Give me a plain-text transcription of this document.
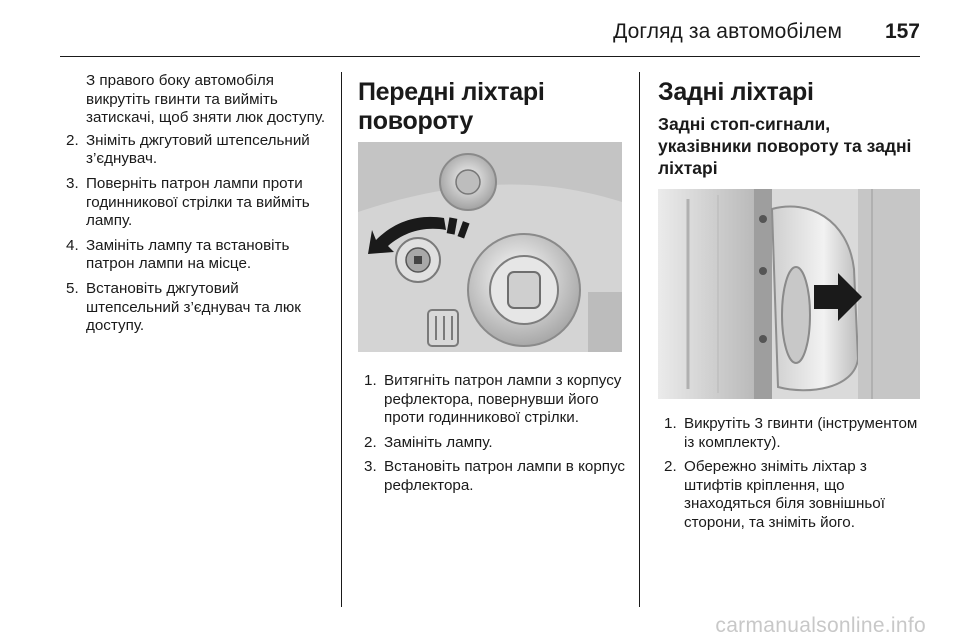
Догляд за автомобілем 157

З правого боку автомобіля викрутіть гвинти та вийміть затискачі, щоб зняти люк доступу.

2. Зніміть джгутовий штепсельний з’єднувач.
3. Поверніть патрон лампи проти годинникової стрілки та вийміть лампу.
4. Замініть лампу та встановіть патрон лампи на місце.
5. Встановіть джгутовий штепсельний з’єднувач та люк доступу.
Передні ліхтарі повороту
1. Витягніть патрон лампи з корпусу рефлектора, повернувши його проти годинникової стрілки.
2. Замініть лампу.
3. Встановіть патрон лампи в корпус рефлектора.
Задні ліхтарі
Задні стоп-сигнали, указівники повороту та задні ліхтарі
1. Викрутіть 3 гвинти (інструментом із комплекту).
2. Обережно зніміть ліхтар з штифтів кріплення, що знаходяться біля зовнішньої сторони, та зніміть його.
carmanualsonline.info
